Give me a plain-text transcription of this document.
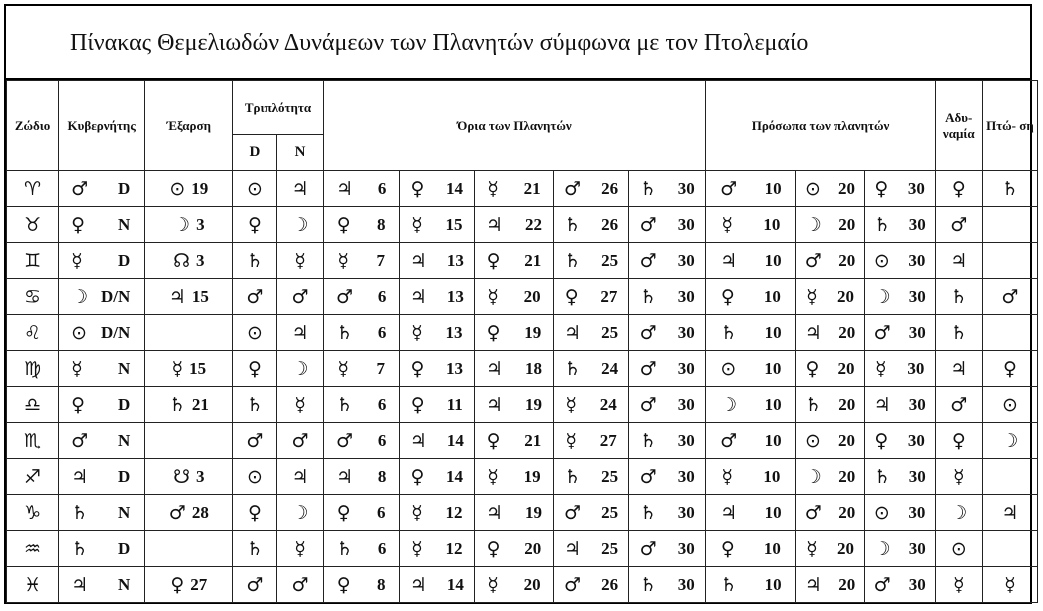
Πίνακας Θεμελιωδών Δυνάμεων των Πλανητών σύμφωνα με τον Πτολεμαίο
Ζώδιο	Κυβερνήτης	Έξαρση	Τριπλότητα		Όρια των Πλανητών					Πρόσωπα των πλανητών			Αδυ- ναμία	Πτώ- ση
			D	N										
♈	♂ D	⊙ 19	⊙	♃	♃ 6	♀ 14	☿ 21	♂ 26	♄ 30	♂ 10	⊙ 20	♀ 30	♀	♄
♉	♀ N	☽ 3	♀	☽	♀ 8	☿ 15	♃ 22	♄ 26	♂ 30	☿ 10	☽ 20	♄ 30	♂	
♊	☿ D	☊ 3	♄	☿	☿ 7	♃ 13	♀ 21	♄ 25	♂ 30	♃ 10	♂ 20	⊙ 30	♃	
♋	☽ D/N	♃ 15	♂	♂	♂ 6	♃ 13	☿ 20	♀ 27	♄ 30	♀ 10	☿ 20	☽ 30	♄	♂
♌	⊙ D/N		⊙	♃	♄ 6	☿ 13	♀ 19	♃ 25	♂ 30	♄ 10	♃ 20	♂ 30	♄	
♍	☿ N	☿ 15	♀	☽	☿ 7	♀ 13	♃ 18	♄ 24	♂ 30	⊙ 10	♀ 20	☿ 30	♃	♀
♎	♀ D	♄ 21	♄	☿	♄ 6	♀ 11	♃ 19	☿ 24	♂ 30	☽ 10	♄ 20	♃ 30	♂	⊙
♏	♂ N		♂	♂	♂ 6	♃ 14	♀ 21	☿ 27	♄ 30	♂ 10	⊙ 20	♀ 30	♀	☽
♐	♃ D	☋ 3	⊙	♃	♃ 8	♀ 14	☿ 19	♄ 25	♂ 30	☿ 10	☽ 20	♄ 30	☿	
♑	♄ N	♂ 28	♀	☽	♀ 6	☿ 12	♃ 19	♂ 25	♄ 30	♃ 10	♂ 20	⊙ 30	☽	♃
♒	♄ D		♄	☿	♄ 6	☿ 12	♀ 20	♃ 25	♂ 30	♀ 10	☿ 20	☽ 30	⊙	
♓	♃ N	♀ 27	♂	♂	♀ 8	♃ 14	☿ 20	♂ 26	♄ 30	♄ 10	♃ 20	♂ 30	☿	☿
